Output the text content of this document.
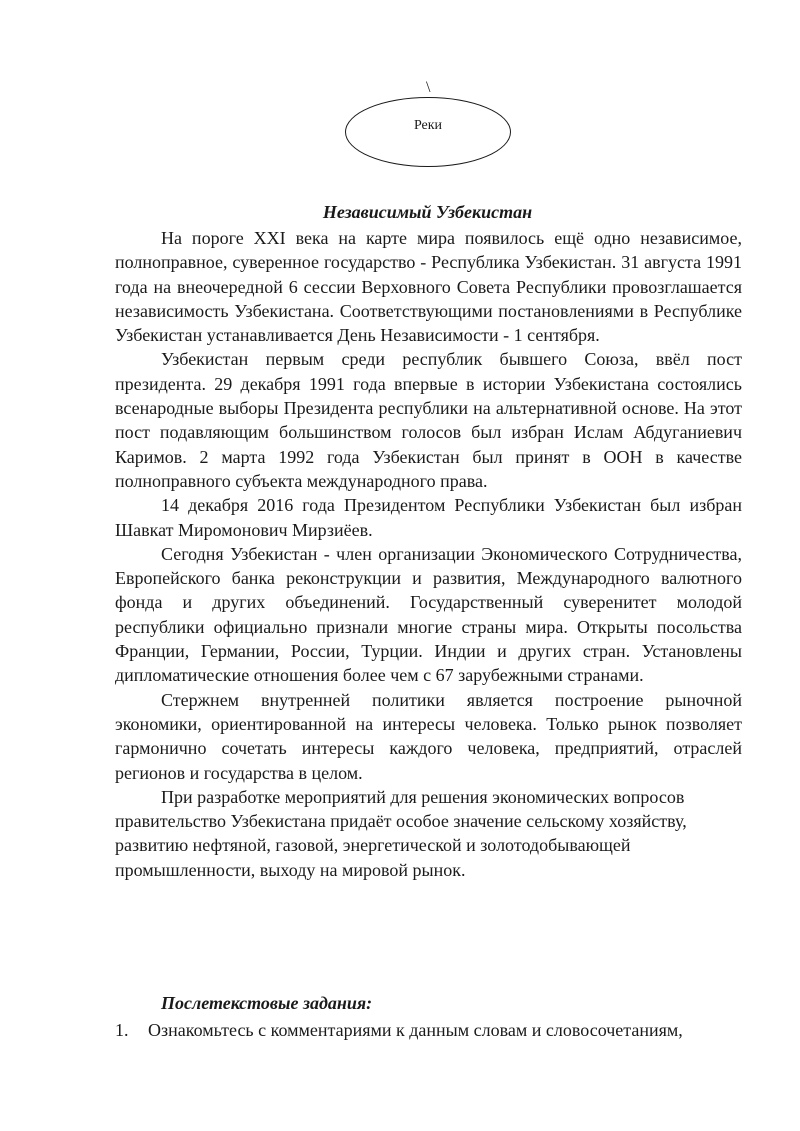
\
Реки
Независимый Узбекистан

На пороге XXI века на карте мира появилось ещё одно независимое, полноправное, суверенное государство - Республика Узбекистан. 31 августа 1991 года на внеочередной 6 сессии Верховного Совета Республики провозглашается независимость Узбекистана. Соответствующими постановлениями в Республике Узбекистан устанавливается День Независимости - 1 сентября.

Узбекистан первым среди республик бывшего Союза, ввёл пост президента. 29 декабря 1991 года впервые в истории Узбекистана состоялись всенародные выборы Президента республики на альтернативной основе. На этот пост подавляющим большинством голосов был избран Ислам Абдуганиевич Каримов. 2 марта 1992 года Узбекистан был принят в ООН в качестве полноправного субъекта международного права.

14 декабря 2016 года Президентом Республики Узбекистан был избран Шавкат Миромонович Мирзиёев.

Сегодня Узбекистан - член организации Экономического Сотрудничества, Европейского банка реконструкции и развития, Международного валютного фонда и других объединений. Государственный суверенитет молодой республики официально признали многие страны мира. Открыты посольства Франции, Германии, России, Турции. Индии и других стран. Установлены дипломатические отношения более чем с 67 зарубежными странами.

Стержнем внутренней политики является построение рыночной экономики, ориентированной на интересы человека. Только рынок позволяет гармонично сочетать интересы каждого человека, предприятий, отраслей регионов и государства в целом.

При разработке мероприятий для решения экономических вопросов правительство Узбекистана придаёт особое значение сельскому хозяйству, развитию нефтяной, газовой, энергетической и золотодобывающей промышленности, выходу на мировой рынок.

Послетекстовые задания:
1. Ознакомьтесь с комментариями к данным словам и словосочетаниям,
